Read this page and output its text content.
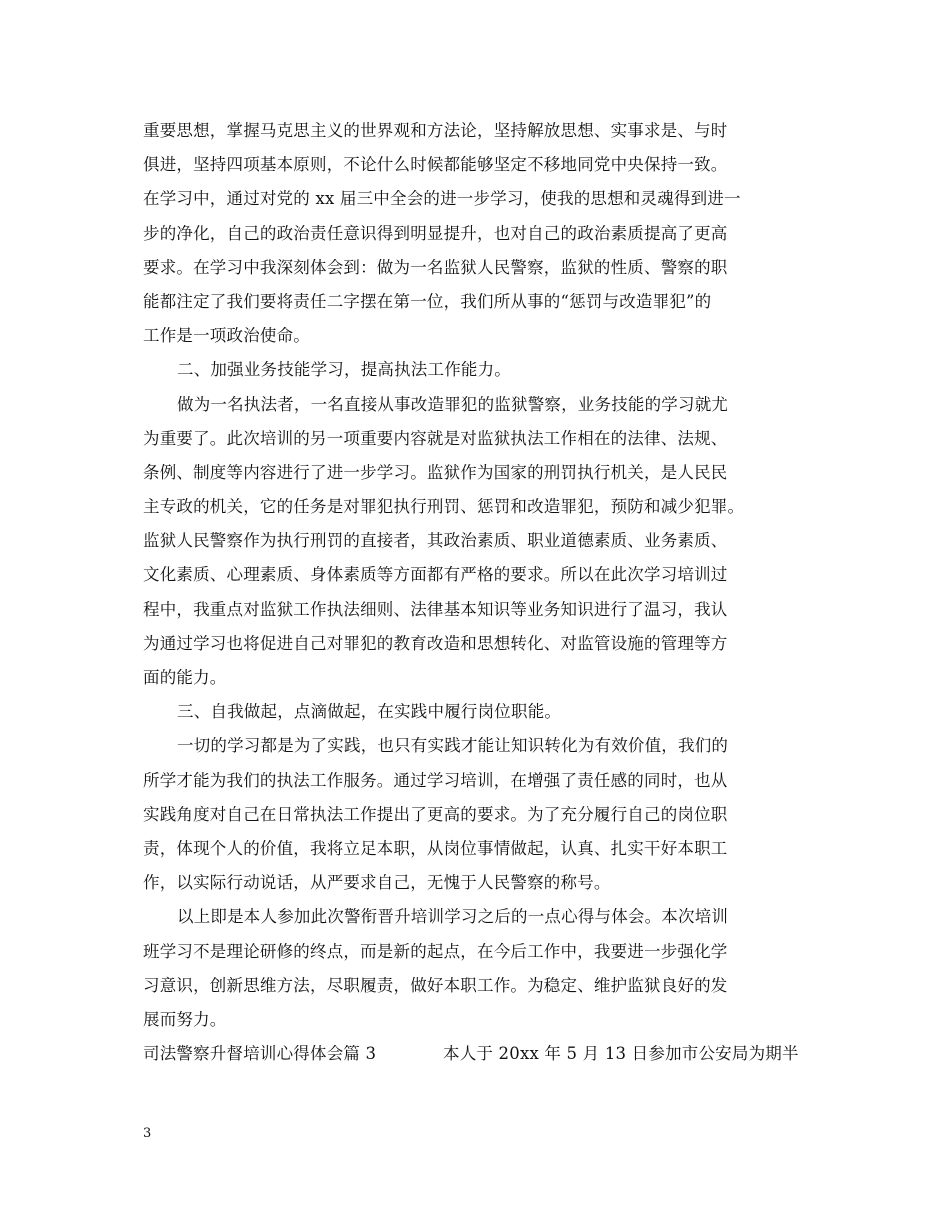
重要思想，掌握马克思主义的世界观和方法论，坚持解放思想、实事求是、与时
俱进，坚持四项基本原则，不论什么时候都能够坚定不移地同党中央保持一致。
在学习中，通过对党的 xx 届三中全会的进一步学习，使我的思想和灵魂得到进一
步的净化，自己的政治责任意识得到明显提升，也对自己的政治素质提高了更高
要求。在学习中我深刻体会到：做为一名监狱人民警察，监狱的性质、警察的职
能都注定了我们要将责任二字摆在第一位，我们所从事的“惩罚与改造罪犯”的
工作是一项政治使命。
二、加强业务技能学习，提高执法工作能力。
做为一名执法者，一名直接从事改造罪犯的监狱警察，业务技能的学习就尤
为重要了。此次培训的另一项重要内容就是对监狱执法工作相在的法律、法规、
条例、制度等内容进行了进一步学习。监狱作为国家的刑罚执行机关，是人民民
主专政的机关，它的任务是对罪犯执行刑罚、惩罚和改造罪犯，预防和减少犯罪。
监狱人民警察作为执行刑罚的直接者，其政治素质、职业道德素质、业务素质、
文化素质、心理素质、身体素质等方面都有严格的要求。所以在此次学习培训过
程中，我重点对监狱工作执法细则、法律基本知识等业务知识进行了温习，我认
为通过学习也将促进自己对罪犯的教育改造和思想转化、对监管设施的管理等方
面的能力。
三、自我做起，点滴做起，在实践中履行岗位职能。
一切的学习都是为了实践，也只有实践才能让知识转化为有效价值，我们的
所学才能为我们的执法工作服务。通过学习培训，在增强了责任感的同时，也从
实践角度对自己在日常执法工作提出了更高的要求。为了充分履行自己的岗位职
责，体现个人的价值，我将立足本职，从岗位事情做起，认真、扎实干好本职工
作，以实际行动说话，从严要求自己，无愧于人民警察的称号。
以上即是本人参加此次警衔晋升培训学习之后的一点心得与体会。本次培训
班学习不是理论研修的终点，而是新的起点，在今后工作中，我要进一步强化学
习意识，创新思维方法，尽职履责，做好本职工作。为稳定、维护监狱良好的发
展而努力。
司法警察升督培训心得体会篇 3	本人于 20xx 年 5 月 13 日参加市公安局为期半
3
